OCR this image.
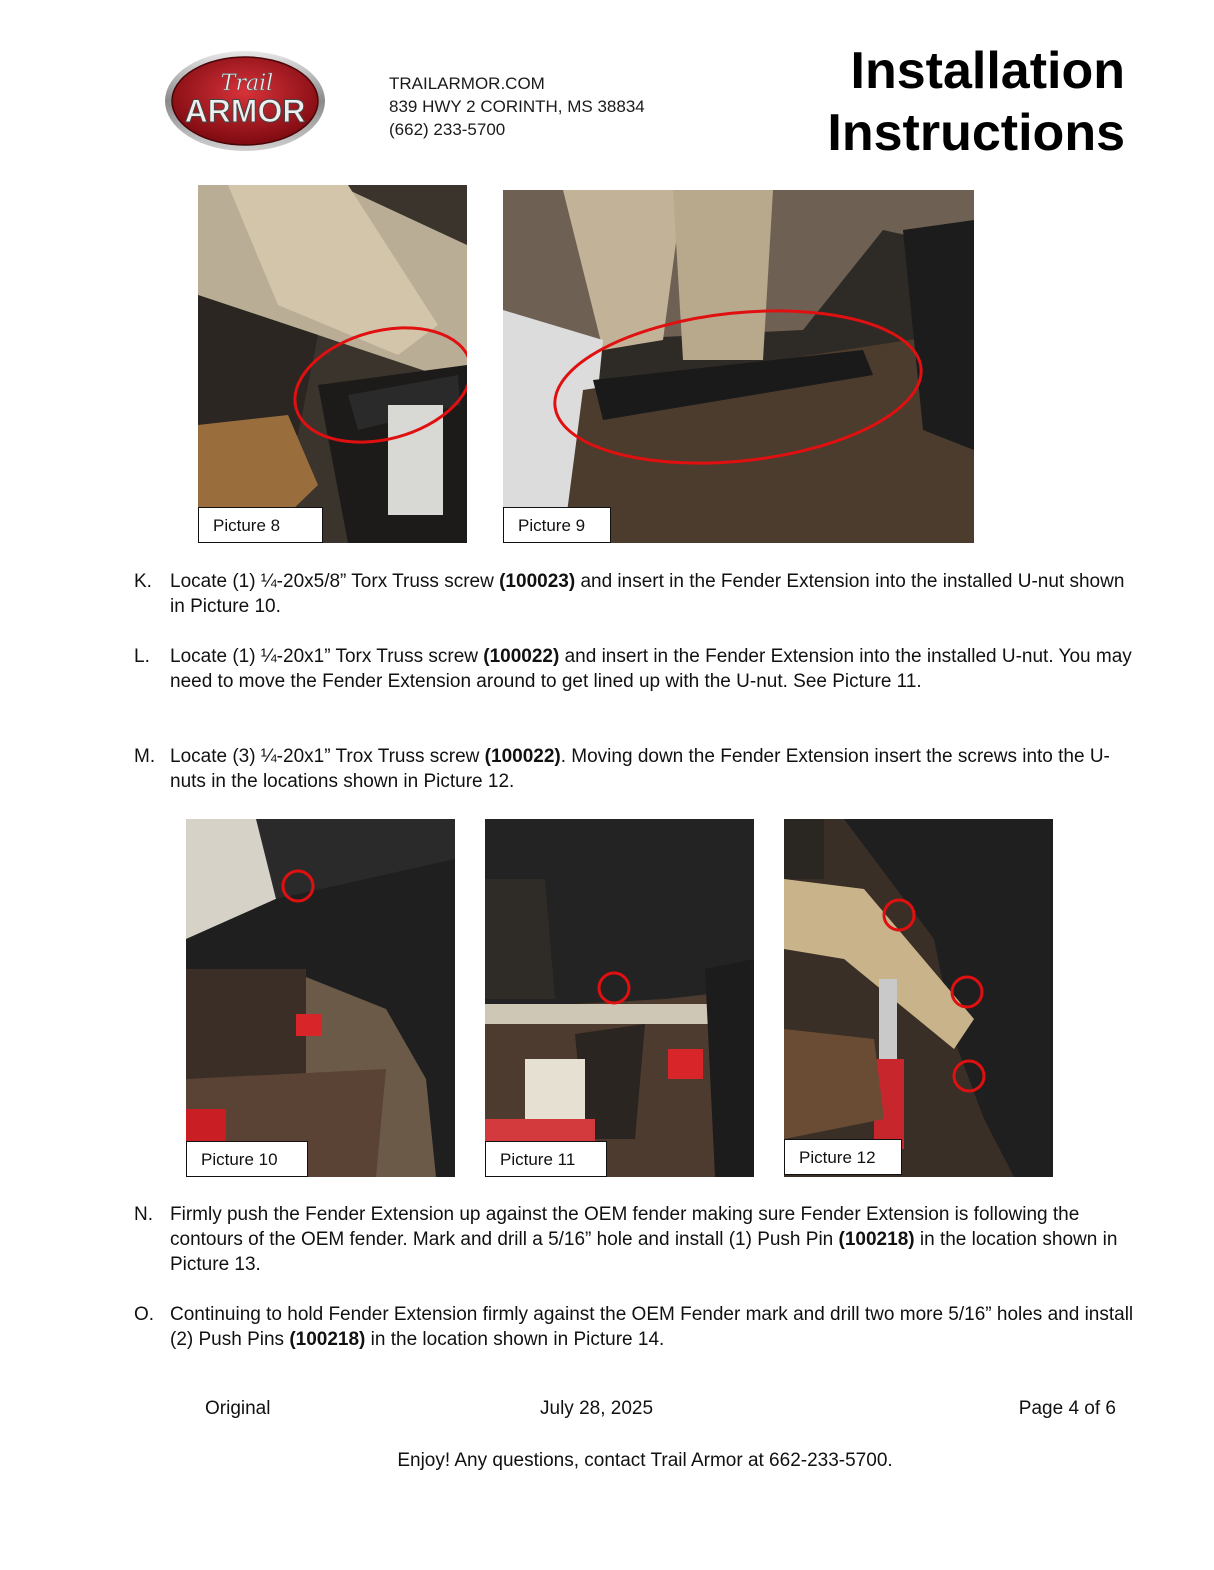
Trail
ARMOR
TRAILARMOR.COM
839 HWY 2 CORINTH, MS 38834
(662) 233-5700
Installation
Instructions
Picture 8	Picture 9
K. Locate (1) ¼-20x5/8” Torx Truss screw (100023) and insert in the Fender Extension into the installed U-nut shown in Picture 10.
L. Locate (1) ¼-20x1” Torx Truss screw (100022) and insert in the Fender Extension into the installed U-nut. You may need to move the Fender Extension around to get lined up with the U-nut. See Picture 11.
M. Locate (3) ¼-20x1” Trox Truss screw (100022). Moving down the Fender Extension insert the screws into the U-nuts in the locations shown in Picture 12.
Picture 10	Picture 11	Picture 12
N. Firmly push the Fender Extension up against the OEM fender making sure Fender Extension is following the contours of the OEM fender. Mark and drill a 5/16” hole and install (1) Push Pin (100218) in the location shown in Picture 13.
O. Continuing to hold Fender Extension firmly against the OEM Fender mark and drill two more 5/16” holes and install (2) Push Pins (100218) in the location shown in Picture 14.
Original	July 28, 2025	Page 4 of 6
Enjoy! Any questions, contact Trail Armor at 662-233-5700.
